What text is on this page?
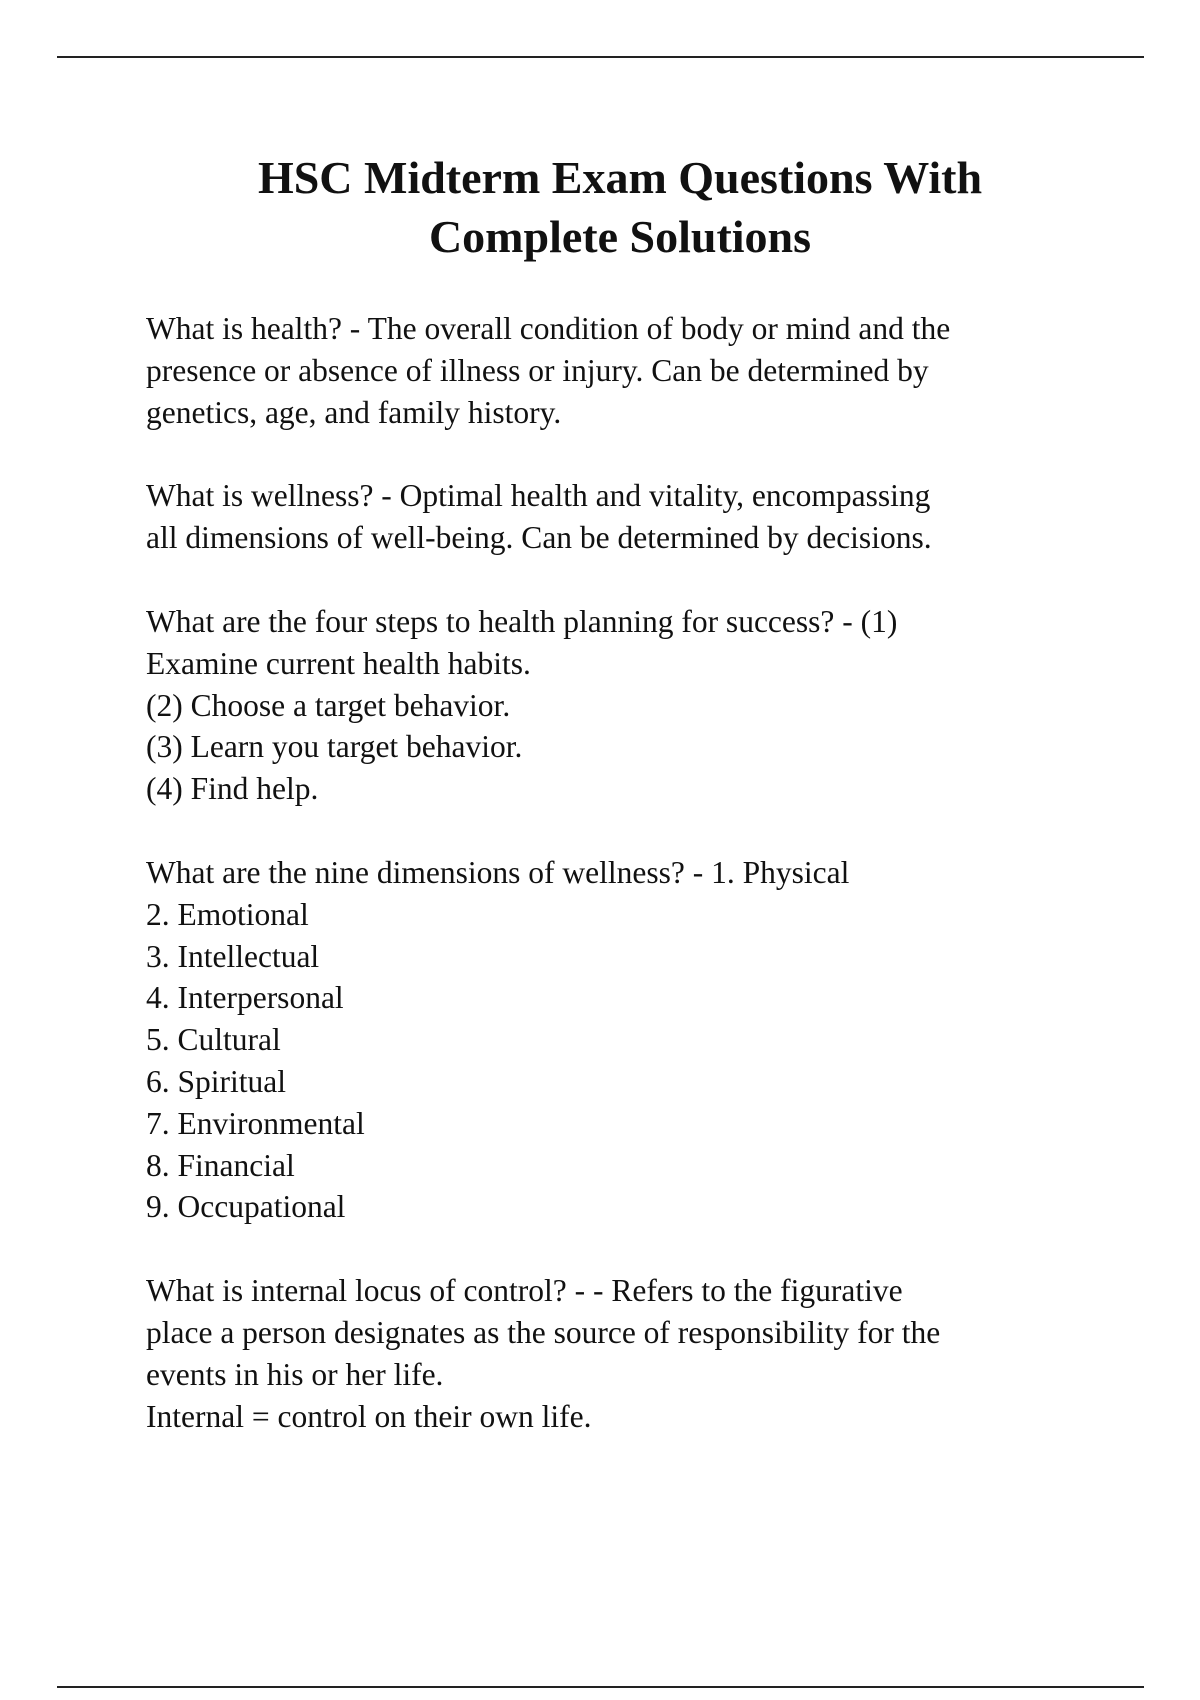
HSC Midterm Exam Questions With
Complete Solutions

What is health? - The overall condition of body or mind and the
presence or absence of illness or injury. Can be determined by
genetics, age, and family history.

What is wellness? - Optimal health and vitality, encompassing
all dimensions of well-being. Can be determined by decisions.

What are the four steps to health planning for success? - (1)
Examine current health habits.
(2) Choose a target behavior.
(3) Learn you target behavior.
(4) Find help.

What are the nine dimensions of wellness? - 1. Physical
2. Emotional
3. Intellectual
4. Interpersonal
5. Cultural
6. Spiritual
7. Environmental
8. Financial
9. Occupational

What is internal locus of control? - - Refers to the figurative
place a person designates as the source of responsibility for the
events in his or her life.
Internal = control on their own life.
